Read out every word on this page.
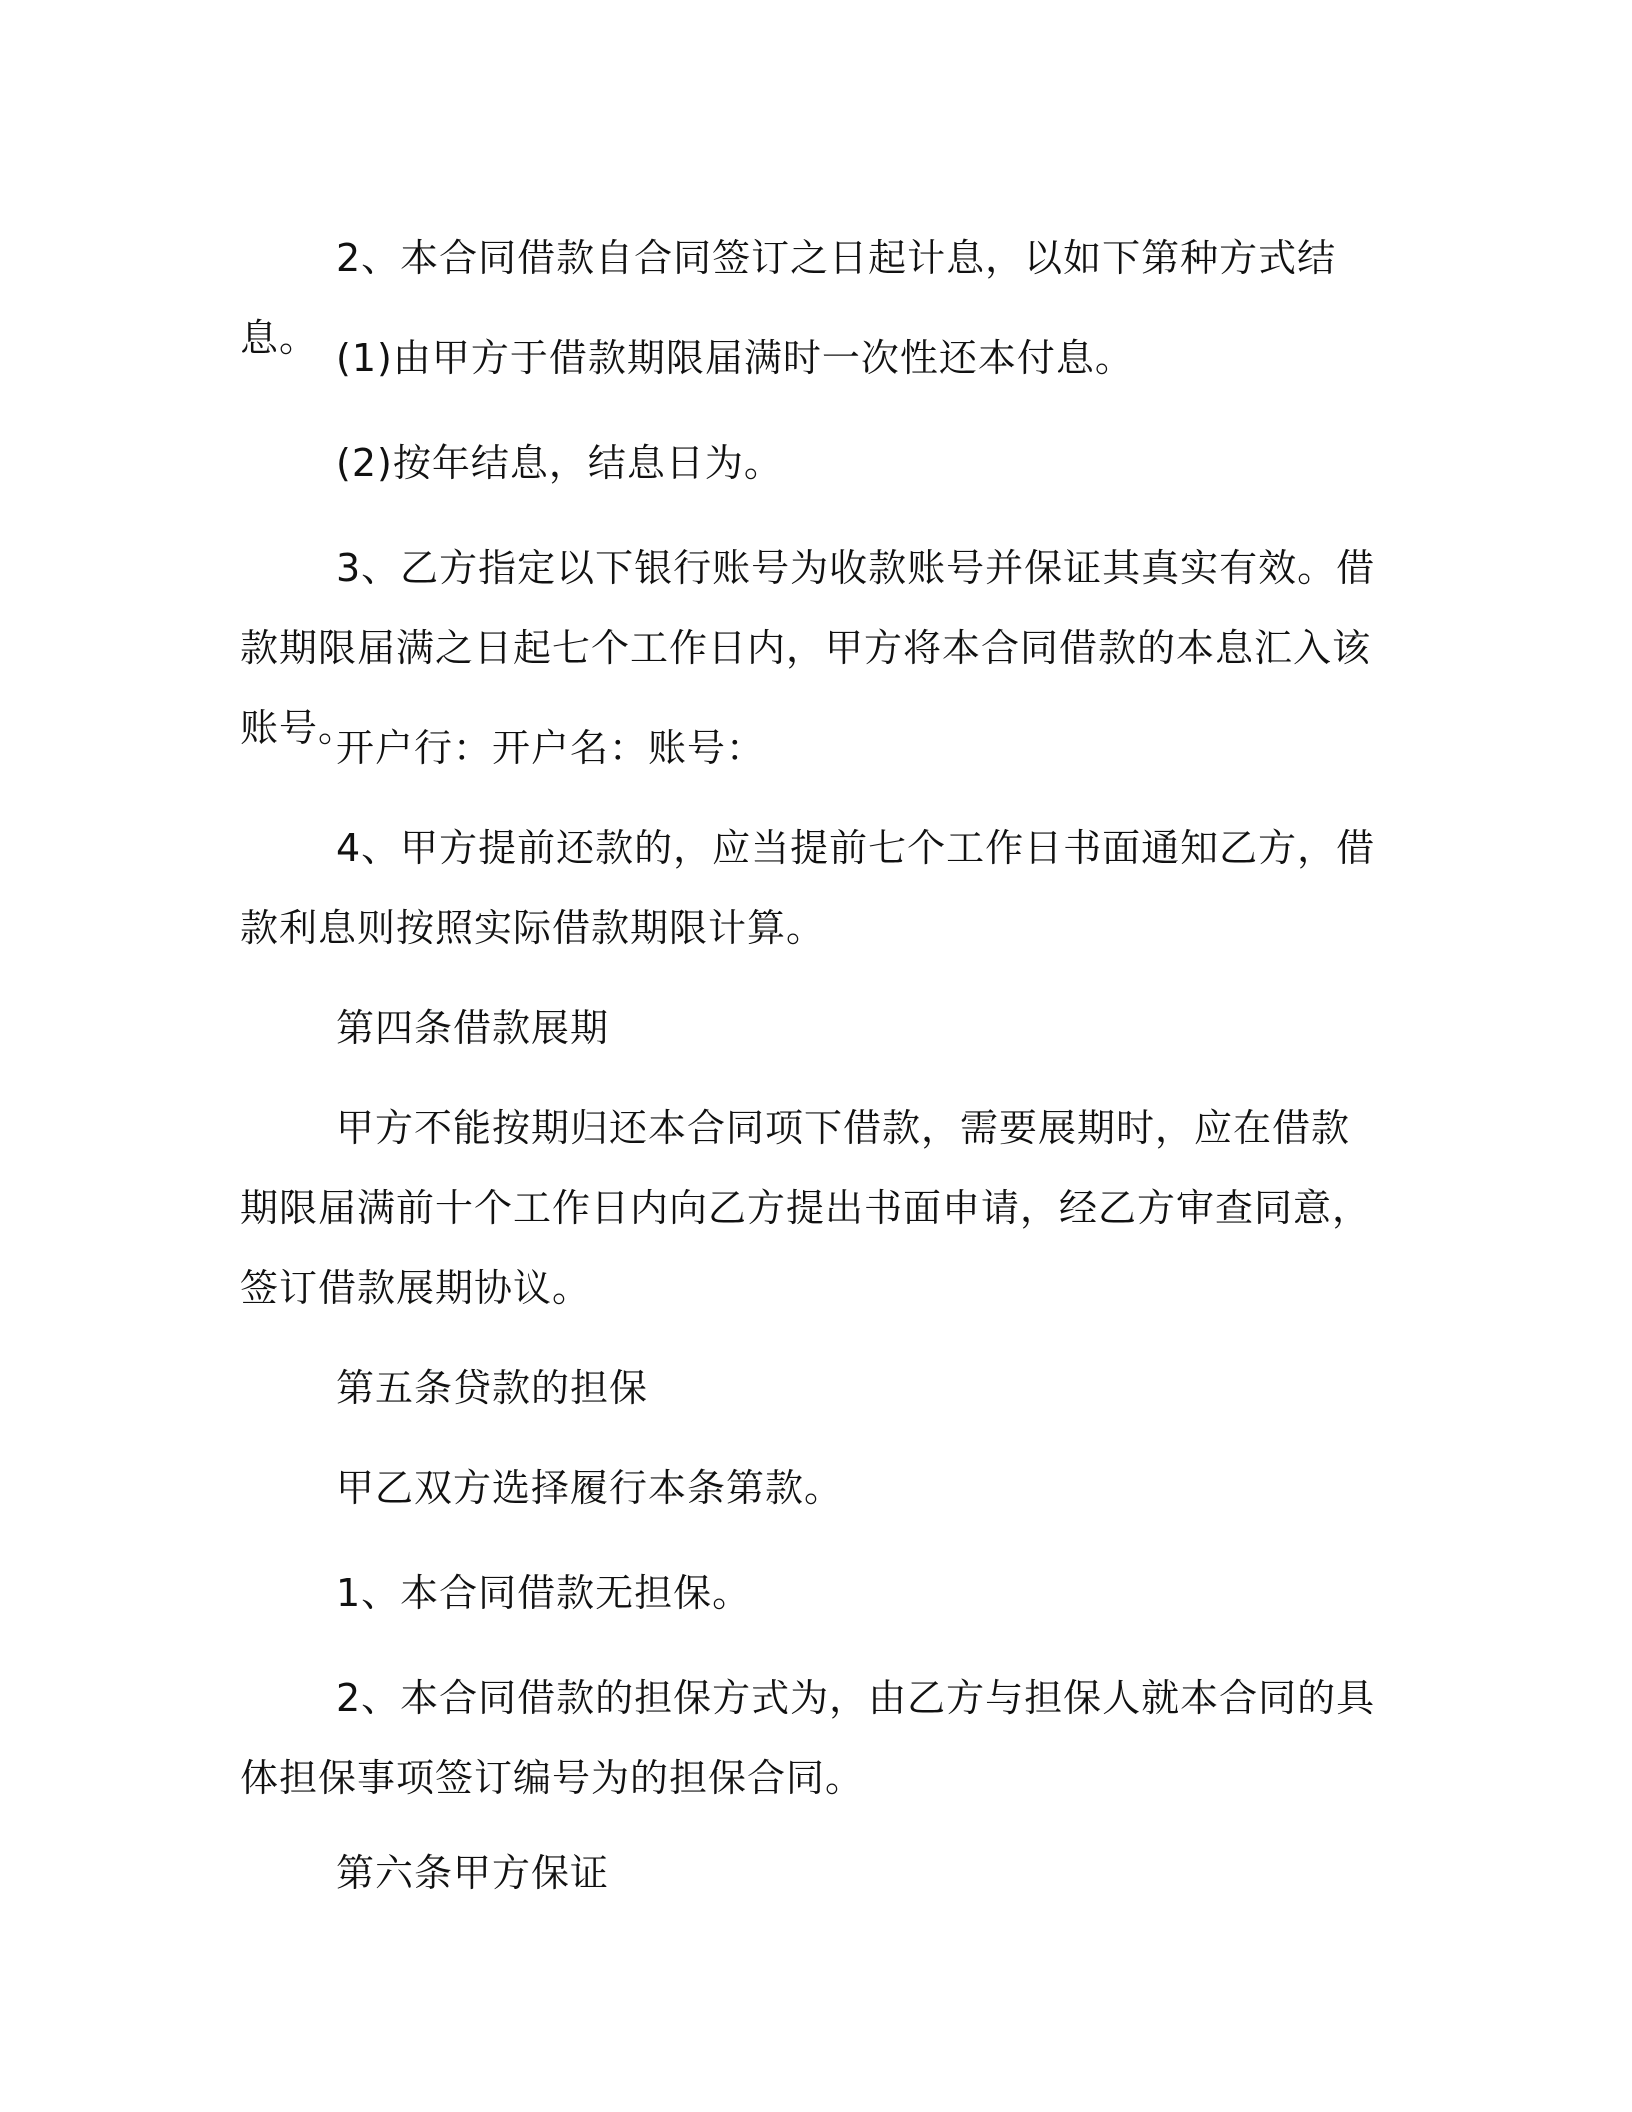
2、本合同借款自合同签订之日起计息，以如下第种方式结息。 (1)由甲方于借款期限届满时一次性还本付息。

(2)按年结息，结息日为。

3、乙方指定以下银行账号为收款账号并保证其真实有效。借款期限届满之日起七个工作日内，甲方将本合同借款的本息汇入该账号。

开户行：开户名：账号：

4、甲方提前还款的，应当提前七个工作日书面通知乙方，借款利息则按照实际借款期限计算。

第四条借款展期

甲方不能按期归还本合同项下借款，需要展期时，应在借款期限届满前十个工作日内向乙方提出书面申请，经乙方审查同意，签订借款展期协议。

第五条贷款的担保

甲乙双方选择履行本条第款。

1、本合同借款无担保。

2、本合同借款的担保方式为，由乙方与担保人就本合同的具体担保事项签订编号为的担保合同。

第六条甲方保证
